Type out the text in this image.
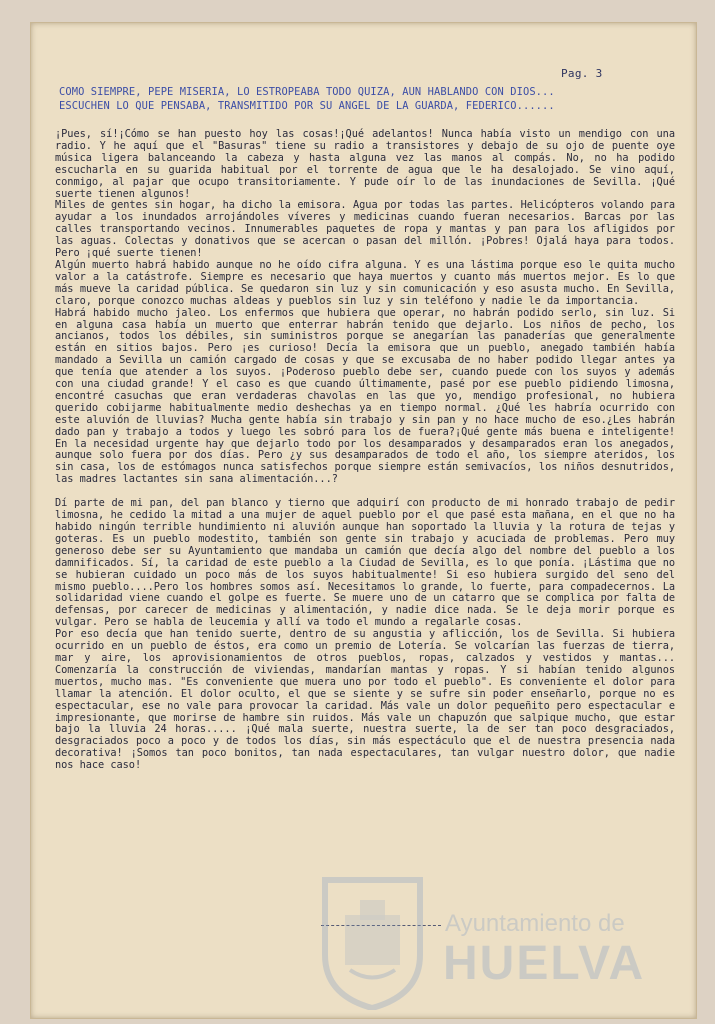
Pag. 3
COMO SIEMPRE, PEPE MISERIA, LO ESTROPEABA TODO QUIZA, AUN HABLANDO CON DIOS...
ESCUCHEN LO QUE PENSABA, TRANSMITIDO POR SU ANGEL DE LA GUARDA, FEDERICO......

¡Pues, sí!¡Cómo se han puesto hoy las cosas!¡Qué adelantos! Nunca había visto un mendigo con una radio. Y he aquí que el "Basuras" tiene su radio a transistores y debajo de su ojo de puente oye música ligera balanceando la cabeza y hasta alguna vez las manos al compás. No, no ha podido escucharla en su guarida habitual por el torrente de agua que le ha desalojado. Se vino aquí, conmigo, al pajar que ocupo transitoriamente. Y pude oír lo de las inundaciones de Sevilla. ¡Qué suerte tienen algunos!

Miles de gentes sin hogar, ha dicho la emisora. Agua por todas las partes. Helicópteros volando para ayudar a los inundados arrojándoles víveres y medicinas cuando fueran necesarios. Barcas por las calles transportando vecinos. Innumerables paquetes de ropa y mantas y pan para los afligidos por las aguas. Colectas y donativos que se acercan o pasan del millón. ¡Pobres! Ojalá haya para todos. Pero ¡qué suerte tienen!

Algún muerto habrá habido aunque no he oído cifra alguna. Y es una lástima porque eso le quita mucho valor a la catástrofe. Siempre es necesario que haya muertos y cuanto más muertos mejor. Es lo que más mueve la caridad pública. Se quedaron sin luz y sin comunicación y eso asusta mucho. En Sevilla, claro, porque conozco muchas aldeas y pueblos sin luz y sin teléfono y nadie le da importancia.

Habrá habido mucho jaleo. Los enfermos que hubiera que operar, no habrán podido serlo, sin luz. Si en alguna casa había un muerto que enterrar habrán tenido que dejarlo. Los niños de pecho, los ancianos, todos los débiles, sin suministros porque se anegarían las panaderías que generalmente están en sitios bajos. Pero ¡es curioso! Decía la emisora que un pueblo, anegado también había mandado a Sevilla un camión cargado de cosas y que se excusaba de no haber podido llegar antes ya que tenía que atender a los suyos. ¡Poderoso pueblo debe ser, cuando puede con los suyos y además con una ciudad grande! Y el caso es que cuando últimamente, pasé por ese pueblo pidiendo limosna, encontré casuchas que eran verdaderas chavolas en las que yo, mendigo profesional, no hubiera querido cobijarme habitualmente medio deshechas ya en tiempo normal. ¿Qué les habría ocurrido con este aluvión de lluvias? Mucha gente había sin trabajo y sin pan y no hace mucho de eso.¿Les habrán dado pan y trabajo a todos y luego les sobró para los de fuera?¡Qué gente más buena e inteligente! En la necesidad urgente hay que dejarlo todo por los desamparados y desamparados eran los anegados, aunque solo fuera por dos días. Pero ¿y sus desamparados de todo el año, los siempre ateridos, los sin casa, los de estómagos nunca satisfechos porque siempre están semivacíos, los niños desnutridos, las madres lactantes sin sana alimentación...?

Dí parte de mi pan, del pan blanco y tierno que adquirí con producto de mi honrado trabajo de pedir limosna, he cedido la mitad a una mujer de aquel pueblo por el que pasé esta mañana, en el que no ha habido ningún terrible hundimiento ni aluvión aunque han soportado la lluvia y la rotura de tejas y goteras. Es un pueblo modestito, también son gente sin trabajo y acuciada de problemas. Pero muy generoso debe ser su Ayuntamiento que mandaba un camión que decía algo del nombre del pueblo a los damnificados. Sí, la caridad de este pueblo a la Ciudad de Sevilla, es lo que ponía. ¡Lástima que no se hubieran cuidado un poco más de los suyos habitualmente! Si eso hubiera surgido del seno del mismo pueblo....Pero los hombres somos así. Necesitamos lo grande, lo fuerte, para compadecernos. La solidaridad viene cuando el golpe es fuerte. Se muere uno de un catarro que se complica por falta de defensas, por carecer de medicinas y alimentación, y nadie dice nada. Se le deja morir porque es vulgar. Pero se habla de leucemia y allí va todo el mundo a regalarle cosas.

Por eso decía que han tenido suerte, dentro de su angustia y aflicción, los de Sevilla. Si hubiera ocurrido en un pueblo de éstos, era como un premio de Lotería. Se volcarían las fuerzas de tierra, mar y aire, los aprovisionamientos de otros pueblos, ropas, calzados y vestidos y mantas... Comenzaría la construcción de viviendas, mandarían mantas y ropas. Y si habían tenido algunos muertos, mucho mas. "Es conveniente que muera uno por todo el pueblo". Es conveniente el dolor para llamar la atención. El dolor oculto, el que se siente y se sufre sin poder enseñarlo, porque no es espectacular, ese no vale para provocar la caridad. Más vale un dolor pequeñito pero espectacular e impresionante, que morirse de hambre sin ruidos. Más vale un chapuzón que salpique mucho, que estar bajo la lluvia 24 horas..... ¡Qué mala suerte, nuestra suerte, la de ser tan poco desgraciados, desgraciados poco a poco y de todos los días, sin más espectáculo que el de nuestra presencia nada decorativa! ¡Somos tan poco bonitos, tan nada espectaculares, tan vulgar nuestro dolor, que nadie nos hace caso!

Ayuntamiento de
HUELVA
